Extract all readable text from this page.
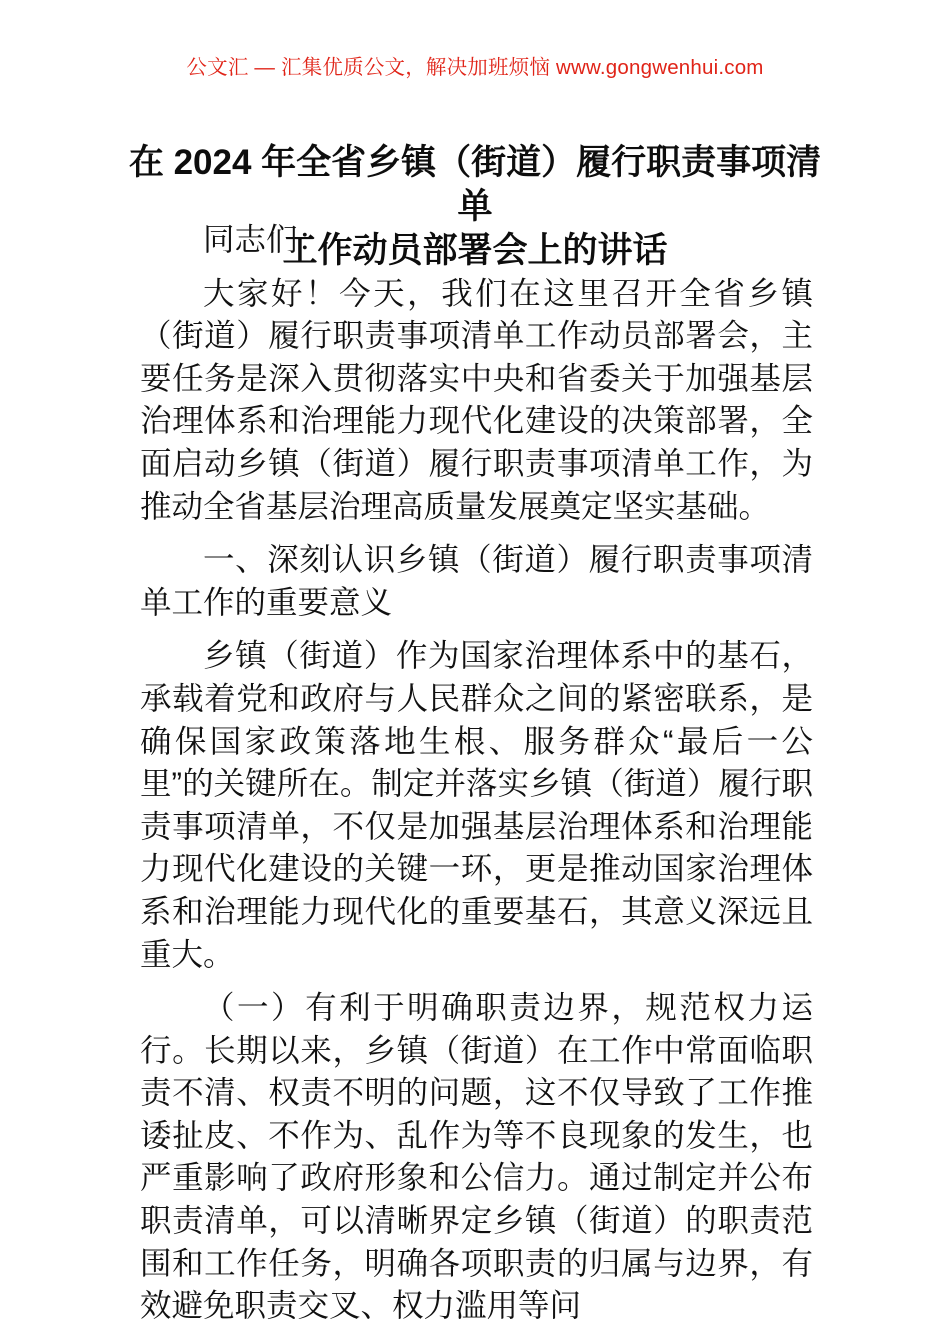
公文汇 — 汇集优质公文，解决加班烦恼 www.gongwenhui.com
在 2024 年全省乡镇（街道）履行职责事项清单
工作动员部署会上的讲话

同志们：

大家好！今天，我们在这里召开全省乡镇（街道）履行职责事项清单工作动员部署会，主要任务是深入贯彻落实中央和省委关于加强基层治理体系和治理能力现代化建设的决策部署，全面启动乡镇（街道）履行职责事项清单工作，为推动全省基层治理高质量发展奠定坚实基础。

一、深刻认识乡镇（街道）履行职责事项清单工作的重要意义

乡镇（街道）作为国家治理体系中的基石，承载着党和政府与人民群众之间的紧密联系，是确保国家政策落地生根、服务群众“最后一公里”的关键所在。制定并落实乡镇（街道）履行职责事项清单，不仅是加强基层治理体系和治理能力现代化建设的关键一环，更是推动国家治理体系和治理能力现代化的重要基石，其意义深远且重大。

（一）有利于明确职责边界，规范权力运行。长期以来，乡镇（街道）在工作中常面临职责不清、权责不明的问题，这不仅导致了工作推诿扯皮、不作为、乱作为等不良现象的发生，也严重影响了政府形象和公信力。通过制定并公布职责清单，可以清晰界定乡镇（街道）的职责范围和工作任务，明确各项职责的归属与边界，有效避免职责交叉、权力滥用等问
